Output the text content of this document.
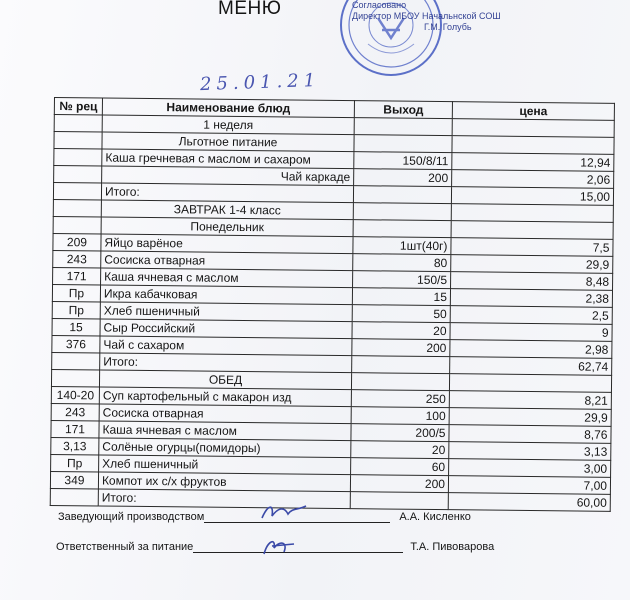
МЕНЮ	Согласовано
Директор МБОУ Начальнской СОШ
Г.М. Голубь
25.01.21
№ рец	Наименование блюд	Выход	цена
	1 неделя		
	Льготное питание		
	Каша гречневая с маслом и сахаром	150/8/11	12,94
	Чай каркаде	200	2,06
	Итого:		15,00
	ЗАВТРАК 1-4 класс		
	Понедельник		
209	Яйцо варёное	1шт(40г)	7,5
243	Сосиска отварная	80	29,9
171	Каша ячневая с маслом	150/5	8,48
Пр	Икра кабачковая	15	2,38
Пр	Хлеб пшеничный	50	2,5
15	Сыр Российский	20	9
376	Чай с сахаром	200	2,98
	Итого:		62,74
	ОБЕД		
140-20	Суп картофельный с макарон изд	250	8,21
243	Сосиска отварная	100	29,9
171	Каша ячневая с маслом	200/5	8,76
3,13	Солёные огурцы(помидоры)	20	3,13
Пр	Хлеб пшеничный	60	3,00
349	Компот их с/х фруктов	200	7,00
	Итого:		60,00
Заведующий производством	А.А. Кисленко
Ответственный за питание	Т.А. Пивоварова
